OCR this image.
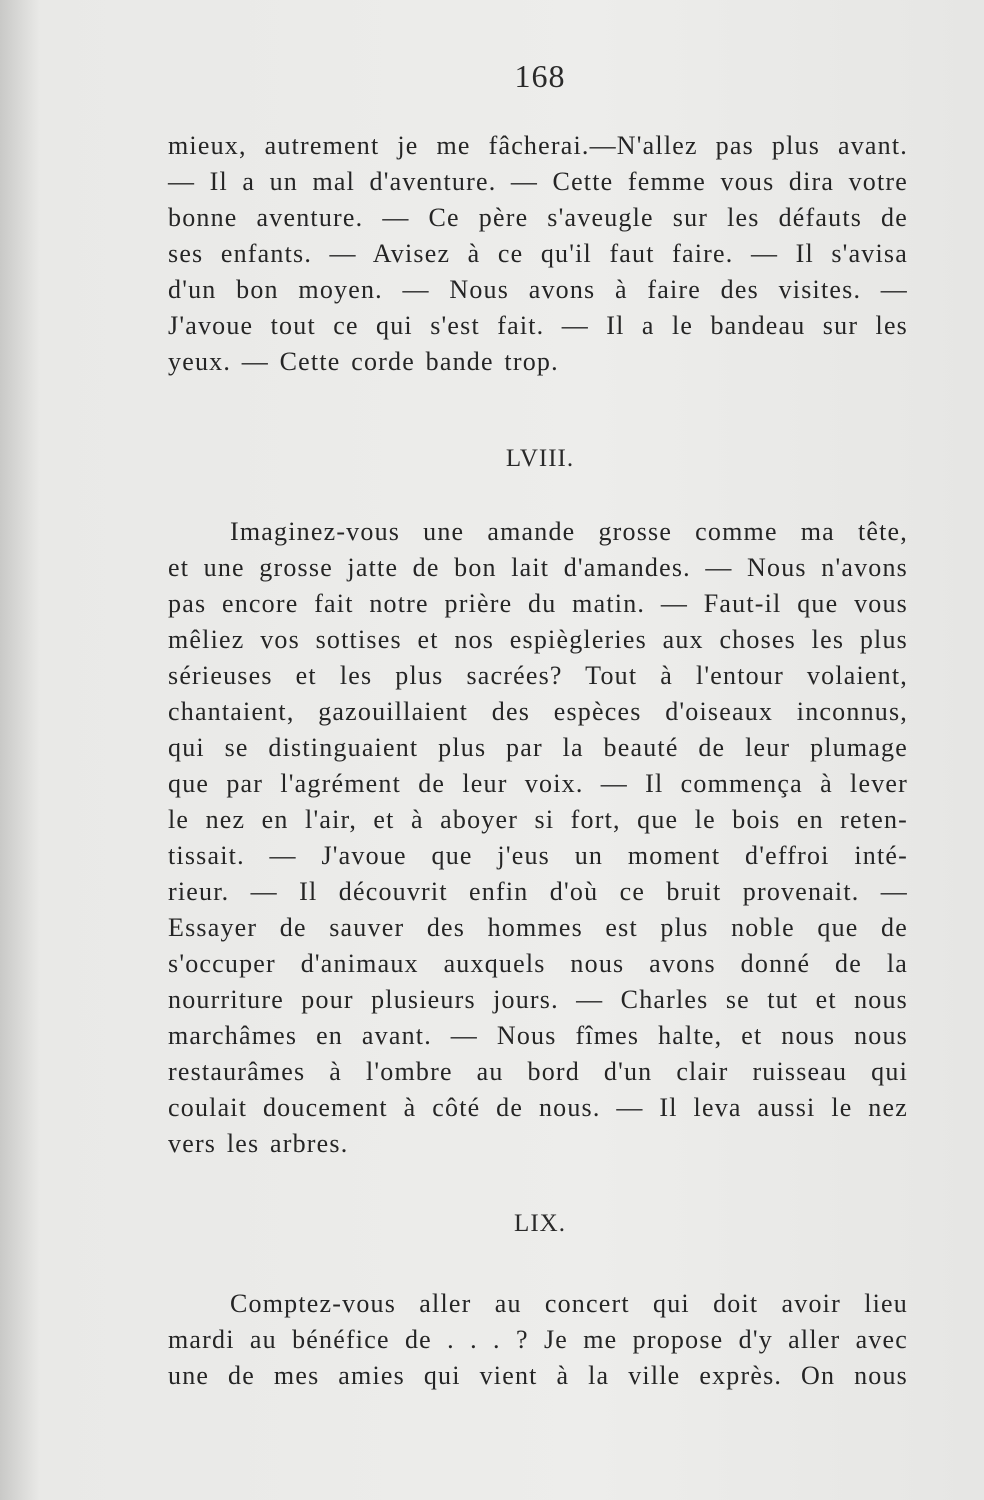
168
mieux, autrement je me fâcherai.—N'allez pas plus avant.
— Il a un mal d'aventure. — Cette femme vous dira votre
bonne aventure. — Ce père s'aveugle sur les défauts de
ses enfants. — Avisez à ce qu'il faut faire. — Il s'avisa
d'un bon moyen. — Nous avons à faire des visites. —
J'avoue tout ce qui s'est fait. — Il a le bandeau sur les
yeux. — Cette corde bande trop.
LVIII.
Imaginez-vous une amande grosse comme ma tête,
et une grosse jatte de bon lait d'amandes. — Nous n'avons
pas encore fait notre prière du matin. — Faut-il que vous
mêliez vos sottises et nos espiègleries aux choses les plus
sérieuses et les plus sacrées? Tout à l'entour volaient,
chantaient, gazouillaient des espèces d'oiseaux inconnus,
qui se distinguaient plus par la beauté de leur plumage
que par l'agrément de leur voix. — Il commença à lever
le nez en l'air, et à aboyer si fort, que le bois en reten-
tissait. — J'avoue que j'eus un moment d'effroi inté-
rieur. — Il découvrit enfin d'où ce bruit provenait. —
Essayer de sauver des hommes est plus noble que de
s'occuper d'animaux auxquels nous avons donné de la
nourriture pour plusieurs jours. — Charles se tut et nous
marchâmes en avant. — Nous fîmes halte, et nous nous
restaurâmes à l'ombre au bord d'un clair ruisseau qui
coulait doucement à côté de nous. — Il leva aussi le nez
vers les arbres.
LIX.
Comptez-vous aller au concert qui doit avoir lieu
mardi au bénéfice de . . . ? Je me propose d'y aller avec
une de mes amies qui vient à la ville exprès. On nous
